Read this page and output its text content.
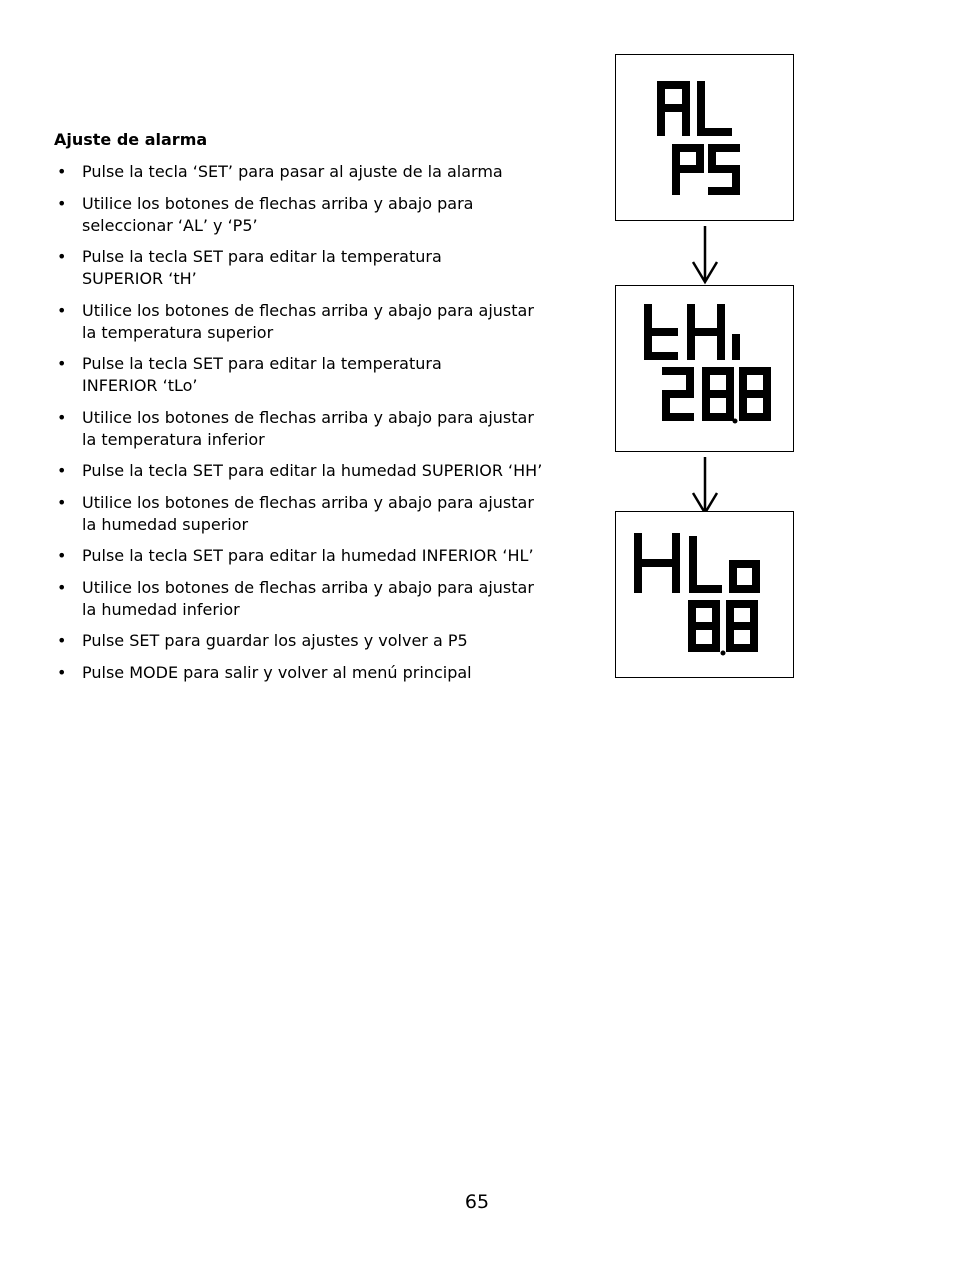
Ajuste de alarma
• Pulse la tecla ‘SET’ para pasar al ajuste de la alarma
• Utilice los botones de flechas arriba y abajo para
seleccionar ‘AL’ y ‘P5’
• Pulse la tecla SET para editar la temperatura
SUPERIOR ‘tH’
• Utilice los botones de flechas arriba y abajo para ajustar
la temperatura superior
• Pulse la tecla SET para editar la temperatura
INFERIOR ‘tLo’
• Utilice los botones de flechas arriba y abajo para ajustar
la temperatura inferior
• Pulse la tecla SET para editar la humedad SUPERIOR ‘HH’
• Utilice los botones de flechas arriba y abajo para ajustar
la humedad superior
• Pulse la tecla SET para editar la humedad INFERIOR ‘HL’
• Utilice los botones de flechas arriba y abajo para ajustar
la humedad inferior
• Pulse SET para guardar los ajustes y volver a P5
• Pulse MODE para salir y volver al menú principal
65
